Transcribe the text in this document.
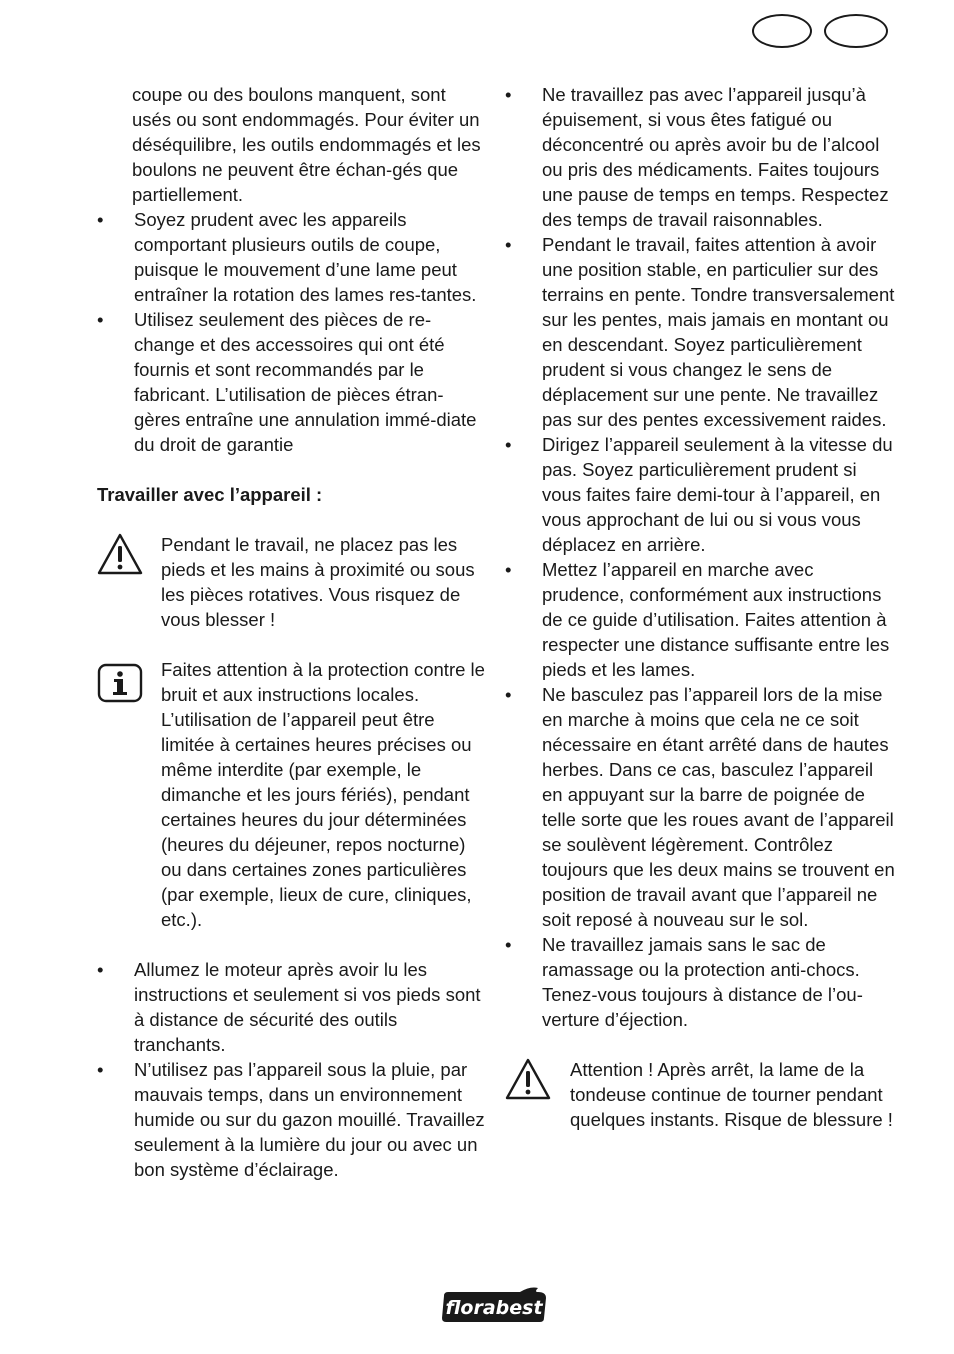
coupe ou des boulons manquent, sont usés ou sont endommagés. Pour éviter un déséquilibre, les outils endommagés et les boulons ne peuvent être échan-gés que partiellement.

• Soyez prudent avec les appareils comportant plusieurs outils de coupe, puisque le mouvement d’une lame peut entraîner la rotation des lames res-tantes.
• Utilisez seulement des pièces de re-change et des accessoires qui ont été fournis et sont recommandés par le fabricant. L’utilisation de pièces étran-gères entraîne une annulation immé-diate du droit de garantie

Travailler avec l’appareil :

Pendant le travail, ne placez pas les pieds et les mains à proximité ou sous les pièces rotatives. Vous risquez de vous blesser !
Faites attention à la protection contre le bruit et aux instructions locales. L’utilisation de l’appareil peut être limitée à certaines heures précises ou même interdite (par exemple, le dimanche et les jours fériés), pendant certaines heures du jour déterminées (heures du déjeuner, repos nocturne) ou dans certaines zones particulières (par exemple, lieux de cure, cliniques, etc.).
• Allumez le moteur après avoir lu les instructions et seulement si vos pieds sont à distance de sécurité des outils tranchants.
• N’utilisez pas l’appareil sous la pluie, par mauvais temps, dans un environnement humide ou sur du gazon mouillé. Travaillez seulement à la lumière du jour ou avec un bon système d’éclairage.
• Ne travaillez pas avec l’appareil jusqu’à épuisement, si vous êtes fatigué ou déconcentré ou après avoir bu de l’alcool ou pris des médicaments. Faites toujours une pause de temps en temps. Respectez des temps de travail raisonnables.
• Pendant le travail, faites attention à avoir une position stable, en particulier sur des terrains en pente. Tondre transversalement sur les pentes, mais jamais en montant ou en descendant. Soyez particulièrement prudent si vous changez le sens de déplacement sur une pente. Ne travaillez pas sur des pentes excessivement raides.
• Dirigez l’appareil seulement à la vitesse du pas. Soyez particulièrement prudent si vous faites faire demi-tour à l’appareil, en vous approchant de lui ou si vous vous déplacez en arrière.
• Mettez l’appareil en marche avec prudence, conformément aux instructions de ce guide d’utilisation. Faites attention à respecter une distance suffisante entre les pieds et les lames.
• Ne basculez pas l’appareil lors de la mise en marche à moins que cela ne ce soit nécessaire en étant arrêté dans de hautes herbes. Dans ce cas, basculez l’appareil en appuyant sur la barre de poignée de telle sorte que les roues avant de l’appareil se soulèvent légèrement. Contrôlez toujours que les deux mains se trouvent en position de travail avant que l’appareil ne soit reposé à nouveau sur le sol.
• Ne travaillez jamais sans le sac de ramassage ou la protection anti-chocs. Tenez-vous toujours à distance de l’ou-verture d’éjection.
Attention ! Après arrêt, la lame de la tondeuse continue de tourner pendant quelques instants. Risque de blessure !
florabest
